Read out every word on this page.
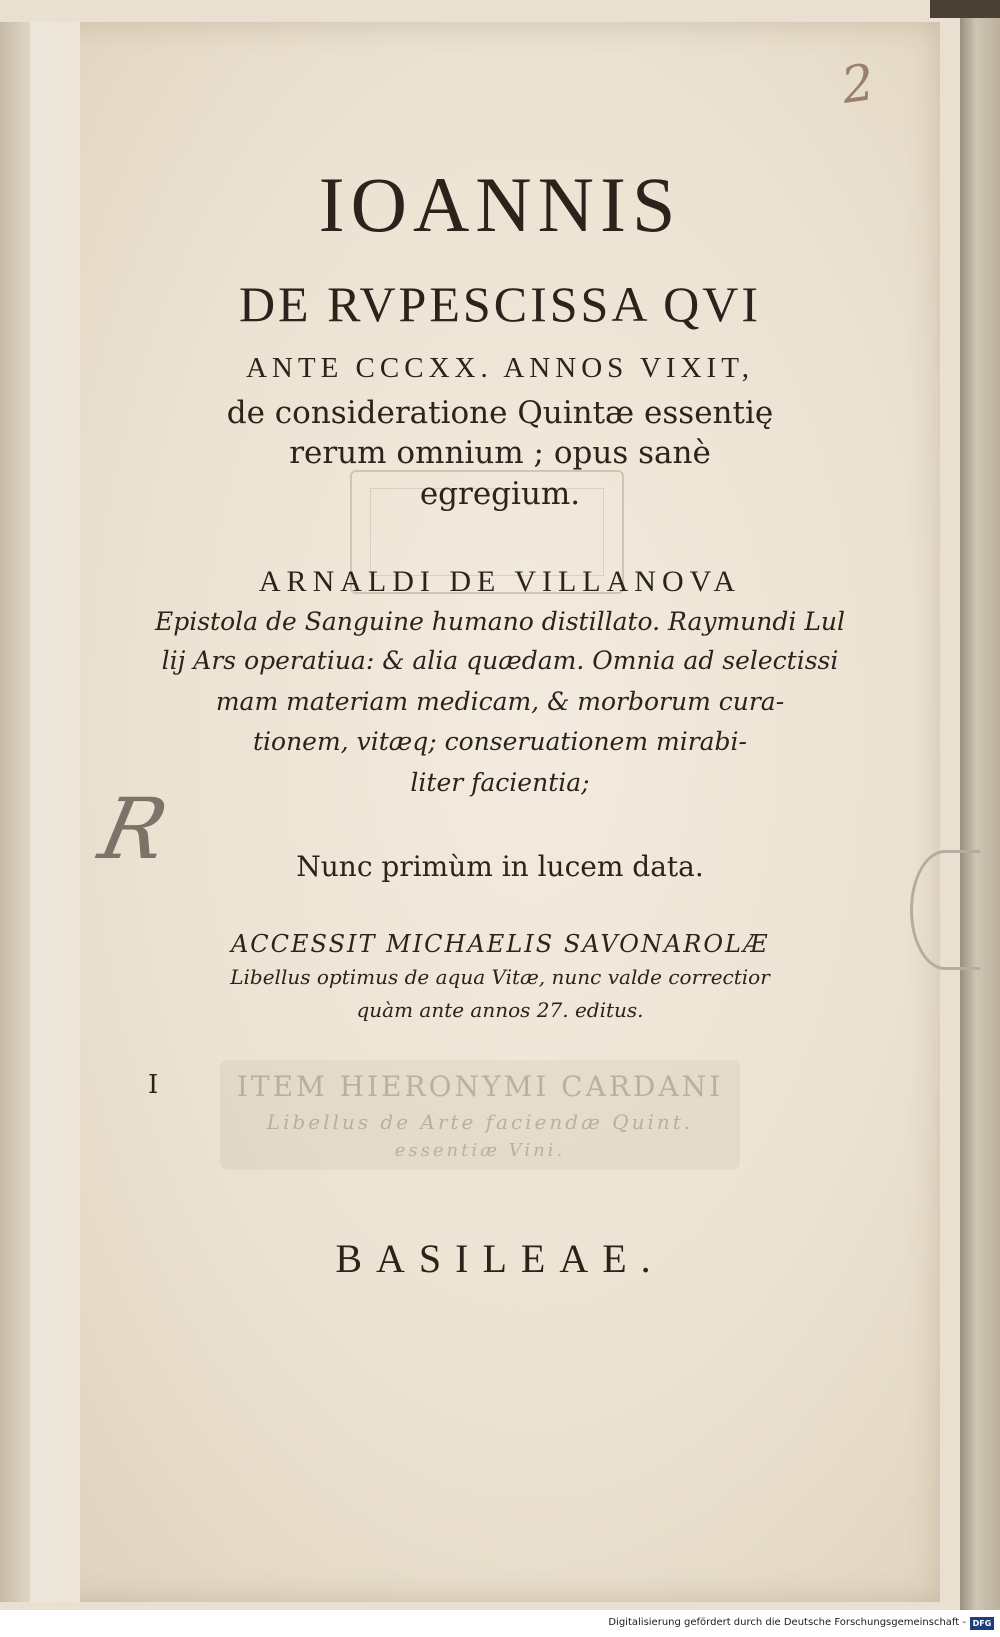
2
R

IOANNIS

DE RVPESCISSA QVI

ANTE CCCXX. ANNOS VIXIT,

de consideratione Quintæ essentię

rerum omnium ; opus sanè

egregium.

ARNALDI DE VILLANOVA

Epistola de Sanguine humano distillato. Raymundi Lul

lij Ars operatiua: & alia quædam. Omnia ad selectissi

mam materiam medicam, & morborum cura-

tionem, vitæq; conseruationem mirabi-

liter facientia;

Nunc primùm in lucem data.

ACCESSIT MICHAELIS SAVONAROLÆ

Libellus optimus de aqua Vitæ, nunc valde correctior

quàm ante annos 27. editus.

I	ITEM HIERONYMI CARDANI
Libellus de Arte faciendæ Quint.
essentiæ Vini.

BASILEAE.

Digitalisierung gefördert durch die Deutsche Forschungsgemeinschaft - DFG
